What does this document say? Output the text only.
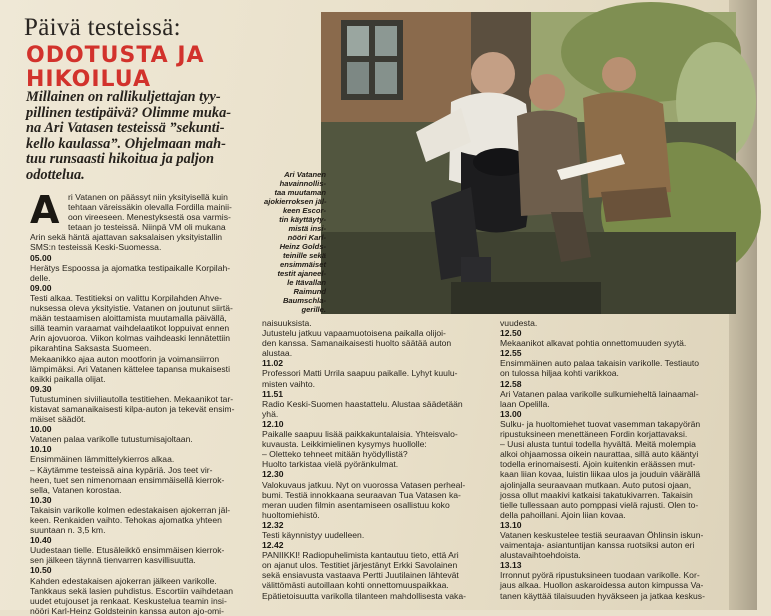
Päivä testeissä:
ODOTUSTA JA
HIKOILUA
Millainen on rallikuljettajan tyy-
pillinen testipäivä? Olimme muka-
na Ari Vatasen testeissä ”sekunti-
kello kaulassa”. Ohjelmaan mah-
tuu runsaasti hikoitua ja paljon
odottelua.	Ari Vatanen
havainnollis-
taa muutaman
ajokierroksen jäl-
keen Escor-
tin käyttäyty-
mistä insi-
nööri Karl-
Heinz Golds-
teinille sekä
ensimmäiset
testit ajaneel-
le Itävallan
Raimund
Baumschla-
gerille.
A ri Vatanen on päässyt niin yksityisellä kuin
tehtaan väreissäkin olevalla Fordilla mainii-
oon vireeseen. Menestyksestä osa varmis-
tetaan jo testeissä. Niinpä VM oli mukana
Arin sekä häntä ajattavan saksalaisen yksityistallin
SMS:n testeissä Keski-Suomessa.
05.00
Herätys Espoossa ja ajomatka testipaikalle Korpilah-
delle.
09.00
Testi alkaa. Testitieksi on valittu Korpilahden Ahve-
nuksessa oleva yksityistie. Vatanen on joutunut siirtä-
mään testaamisen aloittamista muutamalla päivällä,
sillä teamin varaamat vaihdelaatikot loppuivat ennen
Arin ajovuoroa. Viikon kolmas vaihdeaski lennätettiin
pikarahtina Saksasta Suomeen.
Mekaanikko ajaa auton mootforin ja voimansiirron
lämpimäksi. Ari Vatanen kättelee tapansa mukaisesti
kaikki paikalla olijat.
09.30
Tutustuminen siviiliautolla testitiehen. Mekaanikot tar-
kistavat samanaikaisesti kilpa-auton ja tekevät ensim-
mäiset säädöt.
10.00
Vatanen palaa varikolle tutustumisajoltaan.
10.10
Ensimmäinen lämmittelykierros alkaa.
– Käytämme testeissä aina kypäriä. Jos teet vir-
heen, tuet sen nimenomaan ensimmäisellä kierrok-
sella, Vatanen korostaa.
10.30
Takaisin varikolle kolmen edestakaisen ajokerran jäl-
keen. Renkaiden vaihto. Tehokas ajomatka yhteen
suuntaan n. 3,5 km.
10.40
Uudestaan tielle. Etusäleikkö ensimmäisen kierrok-
sen jälkeen täynnä tienvarren kasvillisuutta.
10.50
Kahden edestakaisen ajokerran jälkeen varikolle.
Tankkaus sekä lasien puhdistus. Escortiin vaihdetaan
uudet etujouset ja renkaat. Keskustelua teamin insi-
nööri Karl-Heinz Goldsteinin kanssa auton ajo-omi-
naisuuksista.
Jutustelu jatkuu vapaamuotoisena paikalla olijoi-
den kanssa. Samanaikaisesti huolto säätää auton
alustaa.
11.02
Professori Matti Urrila saapuu paikalle. Lyhyt kuulu-
misten vaihto.
11.51
Radio Keski-Suomen haastattelu. Alustaa säädetään
yhä.
12.10
Paikalle saapuu lisää paikkakuntalaisia. Yhteisvalo-
kuvausta. Leikkimielinen kysymys huollolle:
– Oletteko tehneet mitään hyödyllistä?
Huolto tarkistaa vielä pyöränkulmat.
12.30
Valokuvaus jatkuu. Nyt on vuorossa Vatasen perheal-
bumi. Testiä innokkaana seuraavan Tua Vatasen ka-
meran uuden filmin asentamiseen osallistuu koko
huoltomiehistö.
12.32
Testi käynnistyy uudelleen.
12.42
PANIIKKI! Radiopuhelimista kantautuu tieto, että Ari
on ajanut ulos. Testitiet järjestänyt Erkki Savolainen
sekä ensiavusta vastaava Pertti Juutilainen lähtevät
välittömästi autoillaan kohti onnettomuuspaikkaa.
Epätietoisuutta varikolla tilanteen mahdollisesta vaka-
vuudesta.
12.50
Mekaanikot alkavat pohtia onnettomuuden syytä.
12.55
Ensimmäinen auto palaa takaisin varikolle. Testiauto
on tulossa hiljaa kohti varikkoa.
12.58
Ari Vatanen palaa varikolle sulkumieheltä lainaamal-
laan Opelilla.
13.00
Sulku- ja huoltomiehet tuovat vasemman takapyörän
ripustuksineen menettäneen Fordin korjattavaksi.
– Uusi alusta tuntui todella hyvältä. Meitä molempia
alkoi ohjaamossa oikein naurattaa, sillä auto kääntyi
todella erinomaisesti. Ajoin kuitenkin eräässen mut-
kaan liian kovaa, luistin liikaa ulos ja jouduin väärällä
ajolinjalla seuraavaan mutkaan. Auto putosi ojaan,
jossa ollut maakivi katkaisi takatukivarren. Takaisin
tielle tullessaan auto pomppasi vielä rajusti. Olen to-
della pahoillani. Ajoin liian kovaa.
13.10
Vatanen keskustelee testiä seuraavan Öhlinsin iskun-
vaimentaja- asiantuntijan kanssa ruotsiksi auton eri
alustavaihtoehdoista.
13.13
Irronnut pyörä ripustuksineen tuodaan varikolle. Kor-
jaus alkaa. Huollon askaroidessa auton kimpussa Va-
tanen käyttää tilaisuuden hyväkseen ja jatkaa keskus-
